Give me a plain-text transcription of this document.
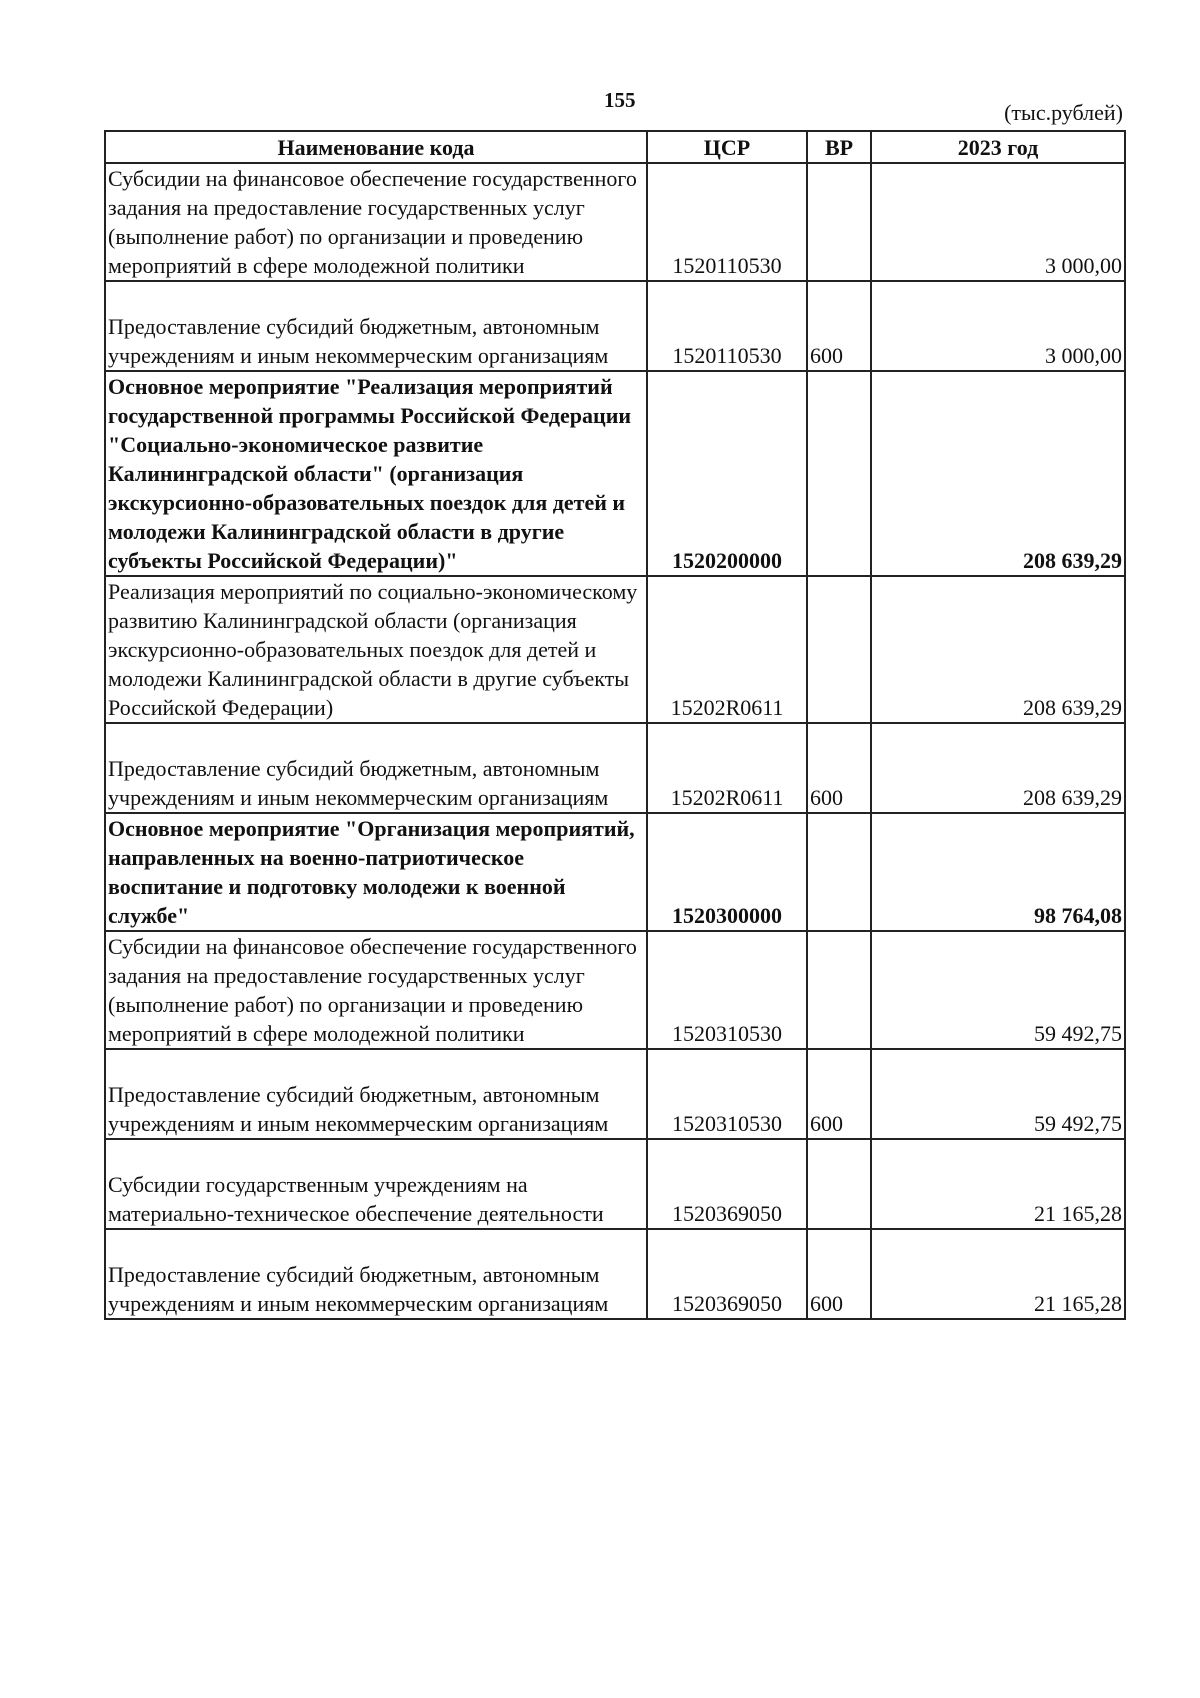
155	(тыс.рублей)
Наименование кода	ЦСР	ВР	2023 год
Субсидии на финансовое обеспечение государственного задания на предоставление государственных услуг (выполнение работ) по организации и проведению мероприятий в сфере молодежной политики	1520110530		3 000,00
Предоставление субсидий бюджетным, автономным учреждениям и иным некоммерческим организациям	1520110530	600	3 000,00
Основное мероприятие "Реализация мероприятий государственной программы Российской Федерации "Социально-экономическое развитие Калининградской области" (организация экскурсионно-образовательных поездок для детей и молодежи Калининградской области в другие субъекты Российской Федерации)"	1520200000		208 639,29
Реализация мероприятий по социально-экономическому развитию Калининградской области (организация экскурсионно-образовательных поездок для детей и молодежи Калининградской области в другие субъекты Российской Федерации)	15202R0611		208 639,29
Предоставление субсидий бюджетным, автономным учреждениям и иным некоммерческим организациям	15202R0611	600	208 639,29
Основное мероприятие "Организация мероприятий, направленных на военно-патриотическое воспитание и подготовку молодежи к военной службе"	1520300000		98 764,08
Субсидии на финансовое обеспечение государственного задания на предоставление государственных услуг (выполнение работ) по организации и проведению мероприятий в сфере молодежной политики	1520310530		59 492,75
Предоставление субсидий бюджетным, автономным учреждениям и иным некоммерческим организациям	1520310530	600	59 492,75
Субсидии государственным учреждениям на материально-техническое обеспечение деятельности	1520369050		21 165,28
Предоставление субсидий бюджетным, автономным учреждениям и иным некоммерческим организациям	1520369050	600	21 165,28
